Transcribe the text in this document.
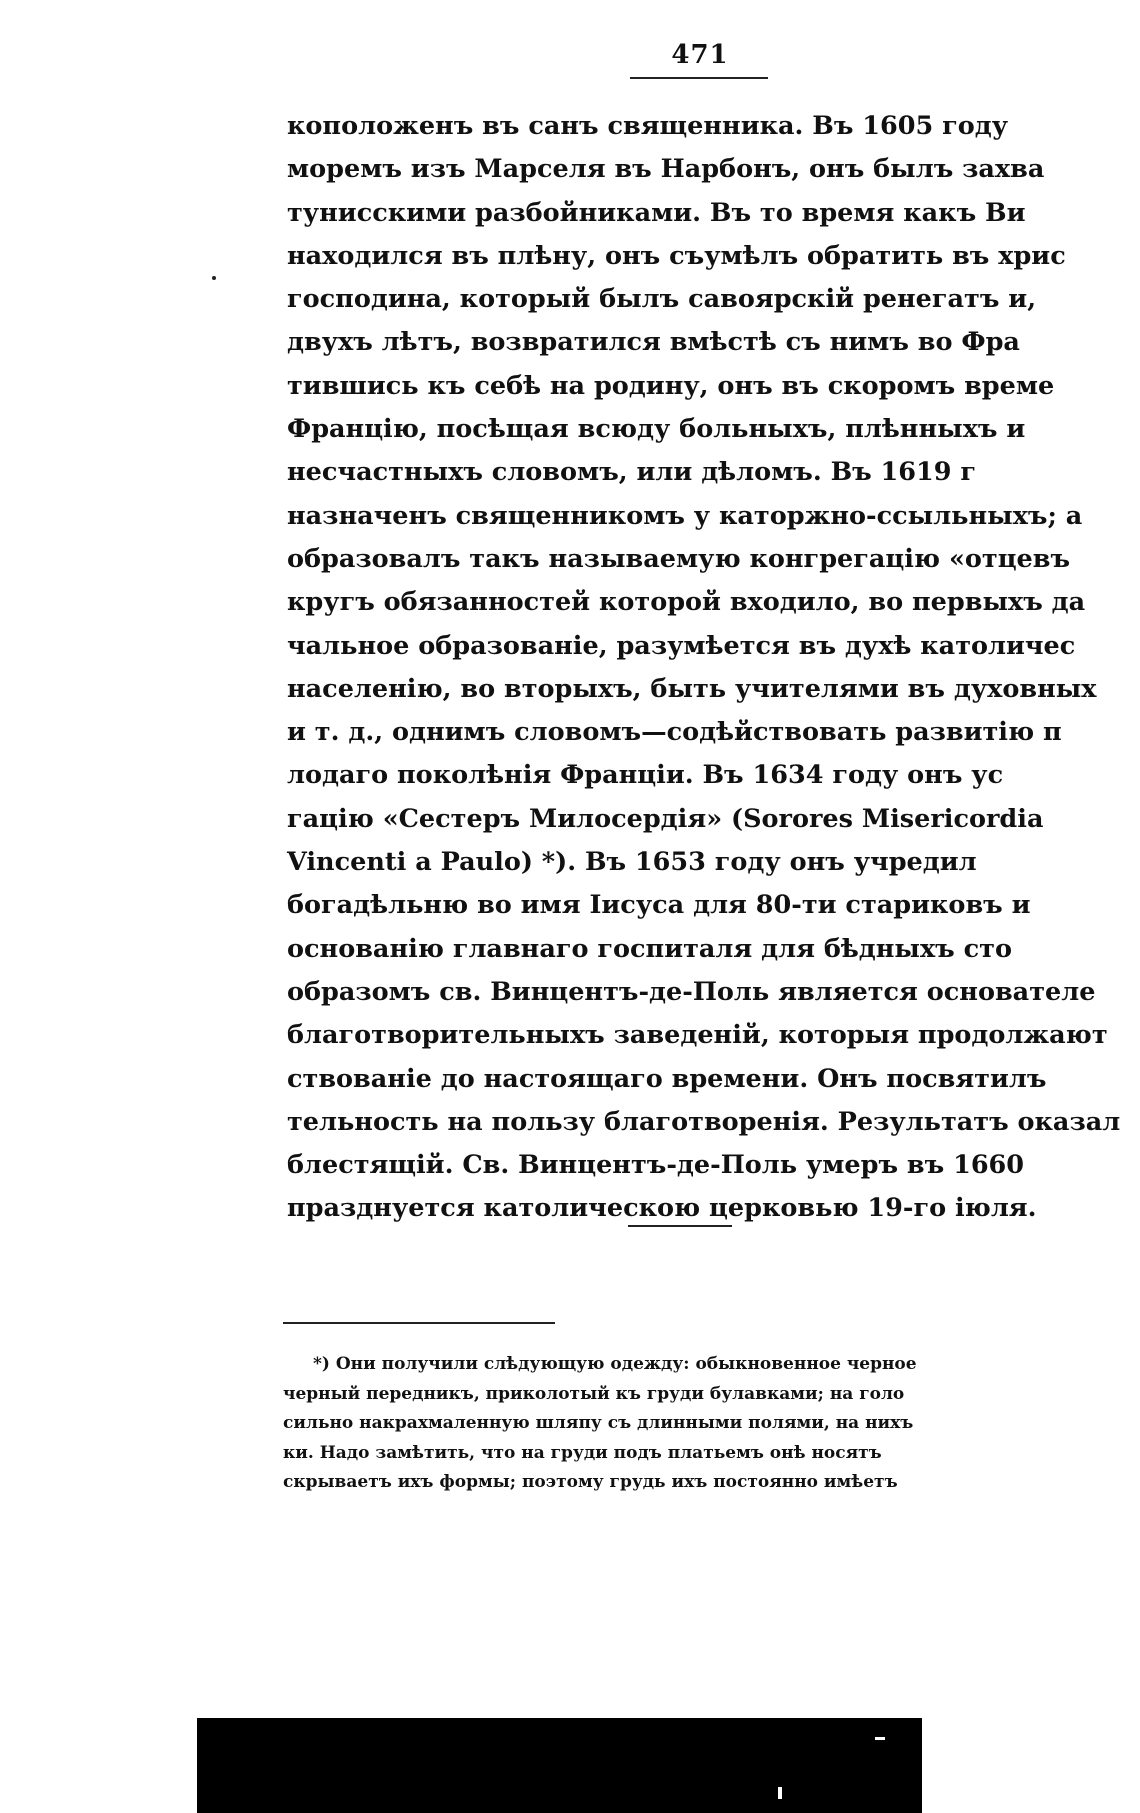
471
коположенъ въ санъ священника. Въ 1605 году
моремъ изъ Марселя въ Нарбонъ, онъ былъ захва
тунисскими разбойниками. Въ то время какъ Ви
находился въ плѣну, онъ съумѣлъ обратить въ хрис
господина, который былъ савоярскій ренегатъ и,
двухъ лѣтъ, возвратился вмѣстѣ съ нимъ во Фра
тившись къ себѣ на родину, онъ въ скоромъ време
Францію, посѣщая всюду больныхъ, плѣнныхъ и
несчастныхъ словомъ, или дѣломъ. Въ 1619 г
назначенъ священникомъ у каторжно-ссыльныхъ; а
образовалъ такъ называемую конгрегацію «отцевъ
кругъ обязанностей которой входило, во первыхъ да
чальное образованіе, разумѣется въ духѣ католичес
населенію, во вторыхъ, быть учителями въ духовных
и т. д., однимъ словомъ—содѣйствовать развитію п
лодаго поколѣнія Франціи. Въ 1634 году онъ ус
гацію «Сестеръ Милосердія» (Sorores Misericordia
Vincenti a Paulo) *). Въ 1653 году онъ учредил
богадѣльню во имя Іисуса для 80-ти стариковъ и
основанію главнаго госпиталя для бѣдныхъ сто
образомъ св. Винцентъ-де-Поль является основателе
благотворительныхъ заведеній, которыя продолжают
ствованіе до настоящаго времени. Онъ посвятилъ
тельность на пользу благотворенія. Результатъ оказал
блестящій. Св. Винцентъ-де-Поль умеръ въ 1660
празднуется католическою церковью 19-го іюля.
*) Они получили слѣдующую одежду: обыкновенное черное
черный передникъ, приколотый къ груди булавками; на голо
сильно накрахмаленную шляпу съ длинными полями, на нихъ
ки. Надо замѣтить, что на груди подъ платьемъ онѣ носятъ
скрываетъ ихъ формы; поэтому грудь ихъ постоянно имѣетъ
